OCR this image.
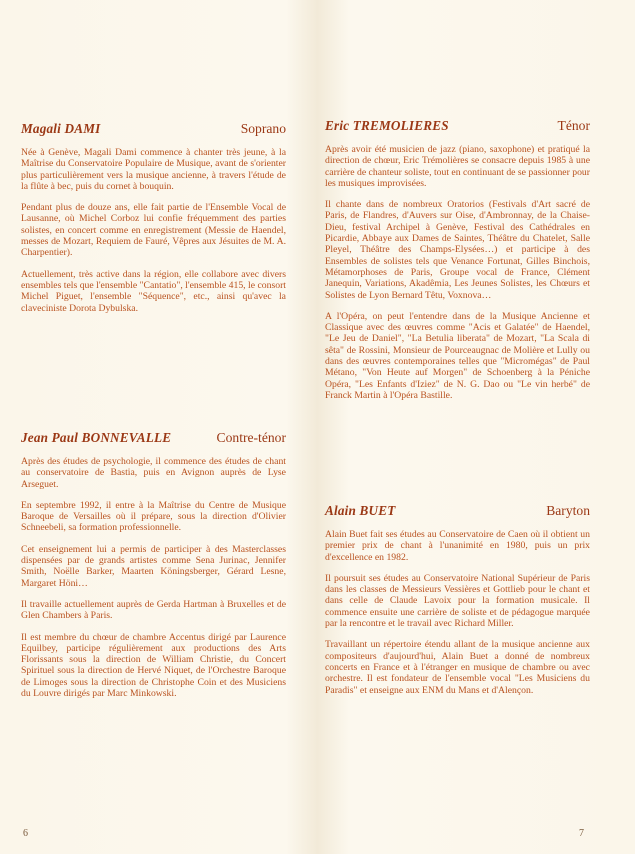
Magali DAMI	Soprano

Née à Genève, Magali Dami commence à chanter très jeune, à la Maîtrise du Conservatoire Populaire de Musique, avant de s'orienter plus particulièrement vers la musique ancienne, à travers l'étude de la flûte à bec, puis du cornet à bouquin.

Pendant plus de douze ans, elle fait partie de l'Ensemble Vocal de Lausanne, où Michel Corboz lui confie fréquemment des parties solistes, en concert comme en enregistrement (Messie de Haendel, messes de Mozart, Requiem de Fauré, Vêpres aux Jésuites de M. A. Charpentier).

Actuellement, très active dans la région, elle collabore avec divers ensembles tels que l'ensemble "Cantatio", l'ensemble 415, le consort Michel Piguet, l'ensemble "Séquence", etc., ainsi qu'avec la claveciniste Dorota Dybulska.

Jean Paul BONNEVALLE	Contre-ténor

Après des études de psychologie, il commence des études de chant au conservatoire de Bastia, puis en Avignon auprès de Lyse Arseguet.

En septembre 1992, il entre à la Maîtrise du Centre de Musique Baroque de Versailles où il prépare, sous la direction d'Olivier Schneebeli, sa formation professionnelle.

Cet enseignement lui a permis de participer à des Masterclasses dispensées par de grands artistes comme Sena Jurinac, Jennifer Smith, Noëlle Barker, Maarten Köningsberger, Gérard Lesne, Margaret Höni…

Il travaille actuellement auprès de Gerda Hartman à Bruxelles et de Glen Chambers à Paris.

Il est membre du chœur de chambre Accentus dirigé par Laurence Equilbey, participe régulièrement aux productions des Arts Florissants sous la direction de William Christie, du Concert Spirituel sous la direction de Hervé Niquet, de l'Orchestre Baroque de Limoges sous la direction de Christophe Coin et des Musiciens du Louvre dirigés par Marc Minkowski.

6
Eric TREMOLIERES	Ténor

Après avoir été musicien de jazz (piano, saxophone) et pratiqué la direction de chœur, Eric Trémolières se consacre depuis 1985 à une carrière de chanteur soliste, tout en continuant de se passionner pour les musiques improvisées.

Il chante dans de nombreux Oratorios (Festivals d'Art sacré de Paris, de Flandres, d'Auvers sur Oise, d'Ambronnay, de la Chaise-Dieu, festival Archipel à Genève, Festival des Cathédrales en Picardie, Abbaye aux Dames de Saintes, Théâtre du Chatelet, Salle Pleyel, Théâtre des Champs-Elysées…) et participe à des Ensembles de solistes tels que Venance Fortunat, Gilles Binchois, Métamorphoses de Paris, Groupe vocal de France, Clément Janequin, Variations, Akadêmia, Les Jeunes Solistes, les Chœurs et Solistes de Lyon Bernard Têtu, Voxnova…

A l'Opéra, on peut l'entendre dans de la Musique Ancienne et Classique avec des œuvres comme "Acis et Galatée" de Haendel, "Le Jeu de Daniel", "La Betulia liberata" de Mozart, "La Scala di sêta" de Rossini, Monsieur de Pourceaugnac de Molière et Lully ou dans des œuvres contemporaines telles que "Micromégas" de Paul Métano, "Von Heute auf Morgen" de Schoenberg à la Péniche Opéra, "Les Enfants d'Iziez" de N. G. Dao ou "Le vin herbé" de Franck Martin à l'Opéra Bastille.

Alain BUET	Baryton

Alain Buet fait ses études au Conservatoire de Caen où il obtient un premier prix de chant à l'unanimité en 1980, puis un prix d'excellence en 1982.

Il poursuit ses études au Conservatoire National Supérieur de Paris dans les classes de Messieurs Vessières et Gottlieb pour le chant et dans celle de Claude Lavoix pour la formation musicale. Il commence ensuite une carrière de soliste et de pédagogue marquée par la rencontre et le travail avec Richard Miller.

Travaillant un répertoire étendu allant de la musique ancienne aux compositeurs d'aujourd'hui, Alain Buet a donné de nombreux concerts en France et à l'étranger en musique de chambre ou avec orchestre. Il est fondateur de l'ensemble vocal "Les Musiciens du Paradis" et enseigne aux ENM du Mans et d'Alençon.

7
